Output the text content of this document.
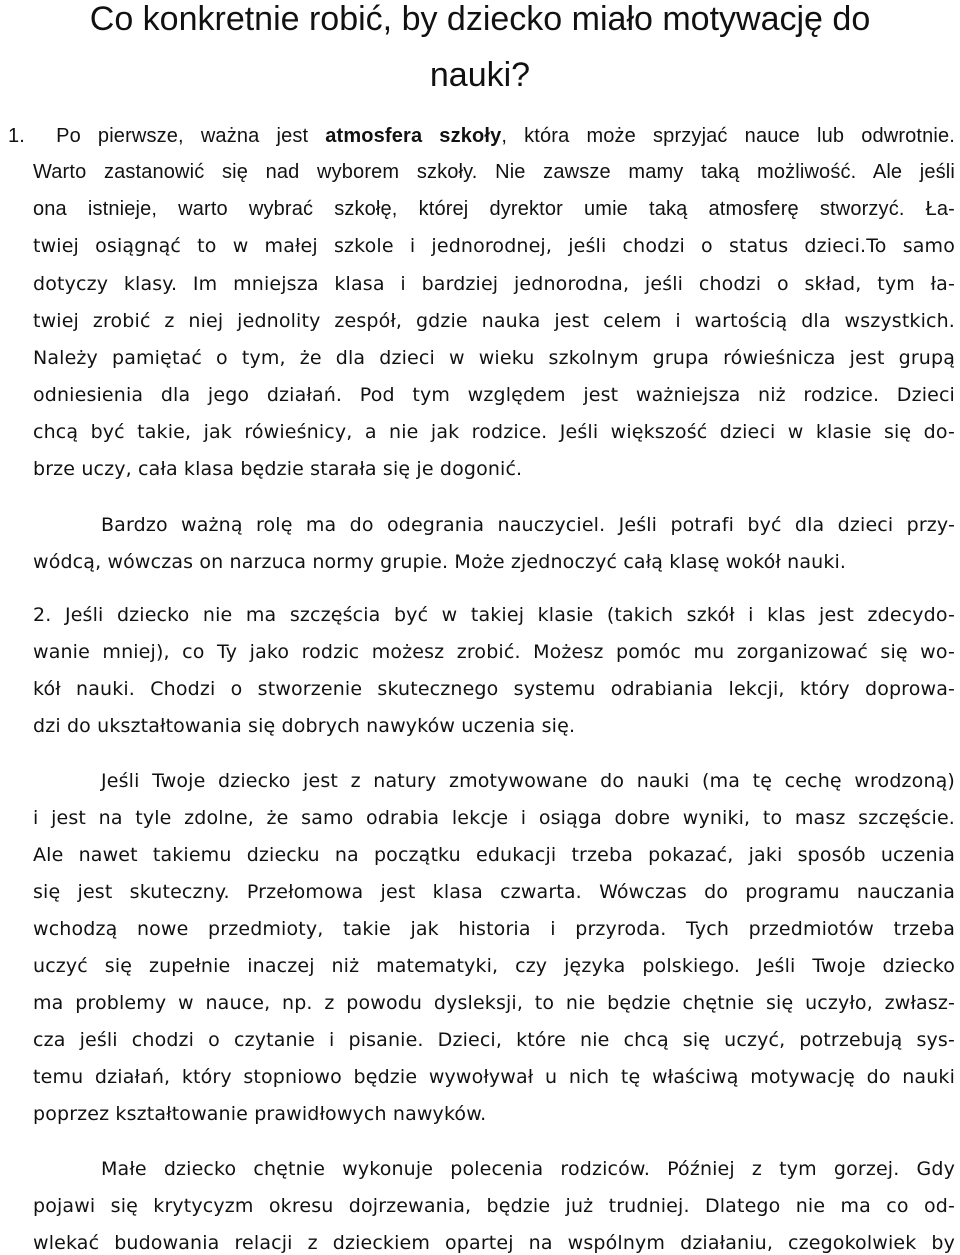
Co konkretnie robić, by dziecko miało motywację do
nauki?
1. Po pierwsze, ważna jest atmosfera szkoły, która może sprzyjać nauce lub odwrotnie.
Warto zastanowić się nad wyborem szkoły. Nie zawsze mamy taką możliwość. Ale jeśli
ona istnieje, warto wybrać szkołę, której dyrektor umie taką atmosferę stworzyć. Ła-
twiej osiągnąć to w małej szkole i jednorodnej, jeśli chodzi o status dzieci.To samo
dotyczy klasy. Im mniejsza klasa i bardziej jednorodna, jeśli chodzi o skład, tym ła-
twiej zrobić z niej jednolity zespół, gdzie nauka jest celem i wartością dla wszystkich.
Należy pamiętać o tym, że dla dzieci w wieku szkolnym grupa rówieśnicza jest grupą
odniesienia dla jego działań. Pod tym względem jest ważniejsza niż rodzice. Dzieci
chcą być takie, jak rówieśnicy, a nie jak rodzice. Jeśli większość dzieci w klasie się do-
brze uczy, cała klasa będzie starała się je dogonić.
Bardzo ważną rolę ma do odegrania nauczyciel. Jeśli potrafi być dla dzieci przy-
wódcą, wówczas on narzuca normy grupie. Może zjednoczyć całą klasę wokół nauki.
2. Jeśli dziecko nie ma szczęścia być w takiej klasie (takich szkół i klas jest zdecydo-
wanie mniej), co Ty jako rodzic możesz zrobić. Możesz pomóc mu zorganizować się wo-
kół nauki. Chodzi o stworzenie skutecznego systemu odrabiania lekcji, który doprowa-
dzi do ukształtowania się dobrych nawyków uczenia się.
Jeśli Twoje dziecko jest z natury zmotywowane do nauki (ma tę cechę wrodzoną)
i jest na tyle zdolne, że samo odrabia lekcje i osiąga dobre wyniki, to masz szczęście.
Ale nawet takiemu dziecku na początku edukacji trzeba pokazać, jaki sposób uczenia
się jest skuteczny. Przełomowa jest klasa czwarta. Wówczas do programu nauczania
wchodzą nowe przedmioty, takie jak historia i przyroda. Tych przedmiotów trzeba
uczyć się zupełnie inaczej niż matematyki, czy języka polskiego. Jeśli Twoje dziecko
ma problemy w nauce, np. z powodu dysleksji, to nie będzie chętnie się uczyło, zwłasz-
cza jeśli chodzi o czytanie i pisanie. Dzieci, które nie chcą się uczyć, potrzebują sys-
temu działań, który stopniowo będzie wywoływał u nich tę właściwą motywację do nauki
poprzez kształtowanie prawidłowych nawyków.
Małe dziecko chętnie wykonuje polecenia rodziców. Później z tym gorzej. Gdy
pojawi się krytycyzm okresu dojrzewania, będzie już trudniej. Dlatego nie ma co od-
wlekać budowania relacji z dzieckiem opartej na wspólnym działaniu, czegokolwiek by
